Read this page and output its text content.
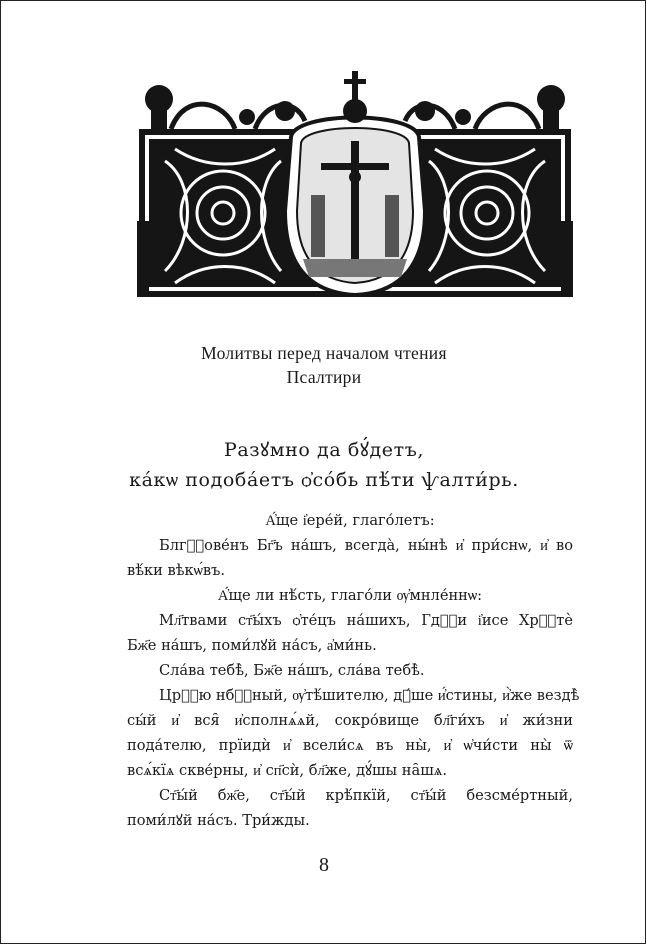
Молитвы перед началом чтения
Псалтири
Разꙋмно да бꙋ́детъ,
ка́кѡ подоба́етъ ѻ҆со́бь пѣ́ти ѱалти́рь.
А҆́ще і҆ере́й, глаго́летъ:
Блгⷭ҇ове́нъ Бг҃ъ на́шъ, всегда̀, ны́нѣ и҆ при́снѡ, и҆ во
вѣ́ки вѣкѡ́въ.
А҆́ще ли нѣ́сть, глаго́ли ѹ҆мнле́ннѡ:
Мл҃твами ст҃ы́хъ ѻ҆те́цъ на́шихъ, Гдⷭ҇и і҆исе Хрⷭ҇тѐ
Бж҃е на́шъ, поми́лꙋй на́съ, а҆ми́нь.
Сла́ва тебѣ̀, Бж҃е на́шъ, сла́ва тебѣ̀.
Црⷭ҇ю нбⷭ҇ный, ѹ҆тѣ́шителю, дꙋ́ше и҆́стины, и҆̀же вездѣ̀
сы́й и҆ вся̑ и҆сполнѧ́ѧй, сокро́вище бл҃ги́хъ и҆ жи́зни
пода́телю, прїидѝ и҆ всели́сѧ въ ны̀, и҆ ѡ҆чи́сти ны̀ ѿ
всѧ́кїѧ скве́рны, и҆ сп҃сѝ, бл҃же, дꙋ́шы на̑шѧ.
Ст҃ы́й бж҃е, ст҃ы́й крѣ́пкїй, ст҃ы́й безсме́ртный,
поми́лꙋй на́съ. Три́жды.
8
